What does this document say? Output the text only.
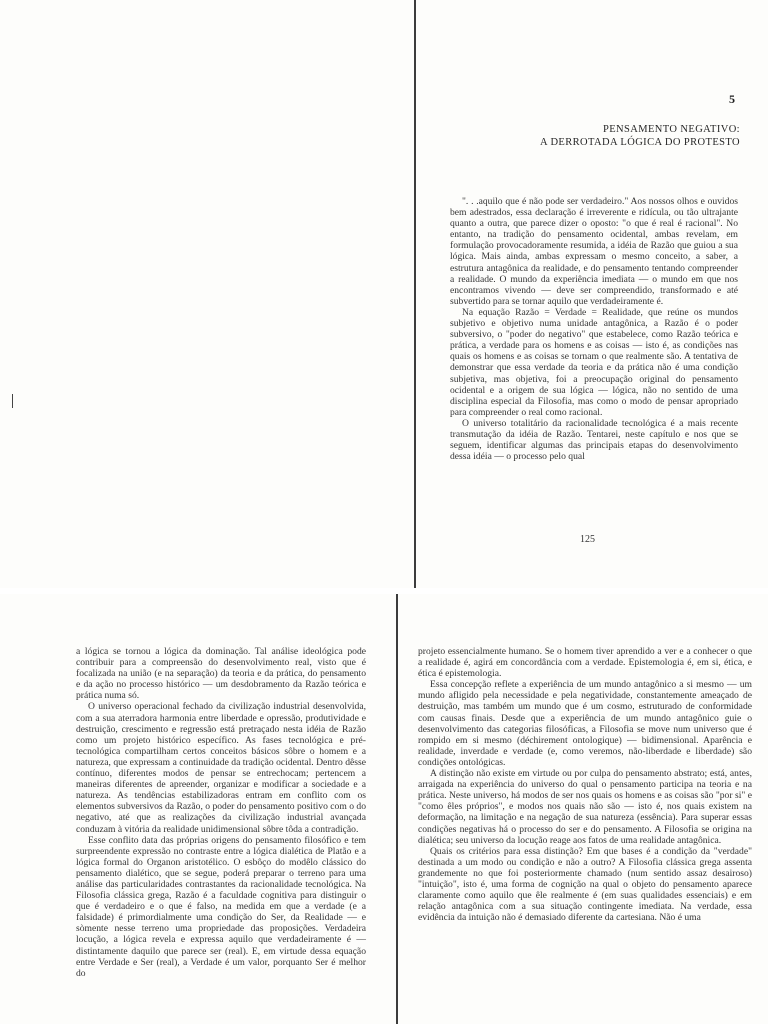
5
PENSAMENTO NEGATIVO:
A DERROTADA LÓGICA DO PROTESTO

". . .aquilo que é não pode ser verdadeiro." Aos nossos olhos e ouvidos bem adestrados, essa declaração é irreverente e ridícula, ou tão ultrajante quanto a outra, que parece dizer o oposto: "o que é real é racional". No entanto, na tradição do pensamento ocidental, ambas revelam, em formulação provocadoramente resumida, a idéia de Razão que guiou a sua lógica. Mais ainda, ambas expressam o mesmo conceito, a saber, a estrutura antagônica da realidade, e do pensamento tentando compreender a realidade. O mundo da experiência imediata — o mundo em que nos encontramos vivendo — deve ser compreendido, transformado e até subvertido para se tornar aquilo que verdadeiramente é.

Na equação Razão = Verdade = Realidade, que reúne os mundos subjetivo e objetivo numa unidade antagônica, a Razão é o poder subversivo, o "poder do negativo" que estabelece, como Razão teórica e prática, a verdade para os homens e as coisas — isto é, as condições nas quais os homens e as coisas se tornam o que realmente são. A tentativa de demonstrar que essa verdade da teoria e da prática não é uma condição subjetiva, mas objetiva, foi a preocupação original do pensamento ocidental e a origem de sua lógica — lógica, não no sentido de uma disciplina especial da Filosofia, mas como o modo de pensar apropriado para compreender o real como racional.

O universo totalitário da racionalidade tecnológica é a mais recente transmutação da idéia de Razão. Tentarei, neste capítulo e nos que se seguem, identificar algumas das principais etapas do desenvolvimento dessa idéia — o processo pelo qual

125

a lógica se tornou a lógica da dominação. Tal análise ideológica pode contribuir para a compreensão do desenvolvimento real, visto que é focalizada na união (e na separação) da teoria e da prática, do pensamento e da ação no processo histórico — um desdobramento da Razão teórica e prática numa só.

O universo operacional fechado da civilização industrial desenvolvida, com a sua aterradora harmonia entre liberdade e opressão, produtividade e destruição, crescimento e regressão está pretraçado nesta idéia de Razão como um projeto histórico específico. As fases tecnológica e pré-tecnológica compartilham certos conceitos básicos sôbre o homem e a natureza, que expressam a continuidade da tradição ocidental. Dentro dêsse contínuo, diferentes modos de pensar se entrechocam; pertencem a maneiras diferentes de apreender, organizar e modificar a sociedade e a natureza. As tendências estabilizadoras entram em conflito com os elementos subversivos da Razão, o poder do pensamento positivo com o do negativo, até que as realizações da civilização industrial avançada conduzam à vitória da realidade unidimensional sôbre tôda a contradição.

Esse conflito data das próprias origens do pensamento filosófico e tem surpreendente expressão no contraste entre a lógica dialética de Platão e a lógica formal do Organon aristotélico. O esbôço do modêlo clássico do pensamento dialético, que se segue, poderá preparar o terreno para uma análise das particularidades contrastantes da racionalidade tecnológica. Na Filosofia clássica grega, Razão é a faculdade cognitiva para distinguir o que é verdadeiro e o que é falso, na medida em que a verdade (e a falsidade) é primordialmente uma condição do Ser, da Realidade — e sòmente nesse terreno uma propriedade das proposições. Verdadeira locução, a lógica revela e expressa aquilo que verdadeiramente é — distintamente daquilo que parece ser (real). E, em virtude dessa equação entre Verdade e Ser (real), a Verdade é um valor, porquanto Ser é melhor do

projeto essencialmente humano. Se o homem tiver aprendido a ver e a conhecer o que a realidade é, agirá em concordância com a verdade. Epistemologia é, em si, ética, e ética é epistemologia.

Essa concepção reflete a experiência de um mundo antagônico a si mesmo — um mundo afligido pela necessidade e pela negatividade, constantemente ameaçado de destruição, mas também um mundo que é um cosmo, estruturado de conformidade com causas finais. Desde que a experiência de um mundo antagônico guie o desenvolvimento das categorias filosóficas, a Filosofia se move num universo que é rompido em si mesmo (déchirement ontologique) — bidimensional. Aparência e realidade, inverdade e verdade (e, como veremos, não-liberdade e liberdade) são condições ontológicas.

A distinção não existe em virtude ou por culpa do pensamento abstrato; está, antes, arraigada na experiência do universo do qual o pensamento participa na teoria e na prática. Neste universo, há modos de ser nos quais os homens e as coisas são "por si" e "como êles próprios", e modos nos quais não são — isto é, nos quais existem na deformação, na limitação e na negação de sua natureza (essência). Para superar essas condições negativas há o processo do ser e do pensamento. A Filosofia se origina na dialética; seu universo da locução reage aos fatos de uma realidade antagônica.

Quais os critérios para essa distinção? Em que bases é a condição da "verdade" destinada a um modo ou condição e não a outro? A Filosofia clássica grega assenta grandemente no que foi posteriormente chamado (num sentido assaz desairoso) "intuição", isto é, uma forma de cognição na qual o objeto do pensamento aparece claramente como aquilo que êle realmente é (em suas qualidades essenciais) e em relação antagônica com a sua situação contingente imediata. Na verdade, essa evidência da intuição não é demasiado diferente da cartesiana. Não é uma
